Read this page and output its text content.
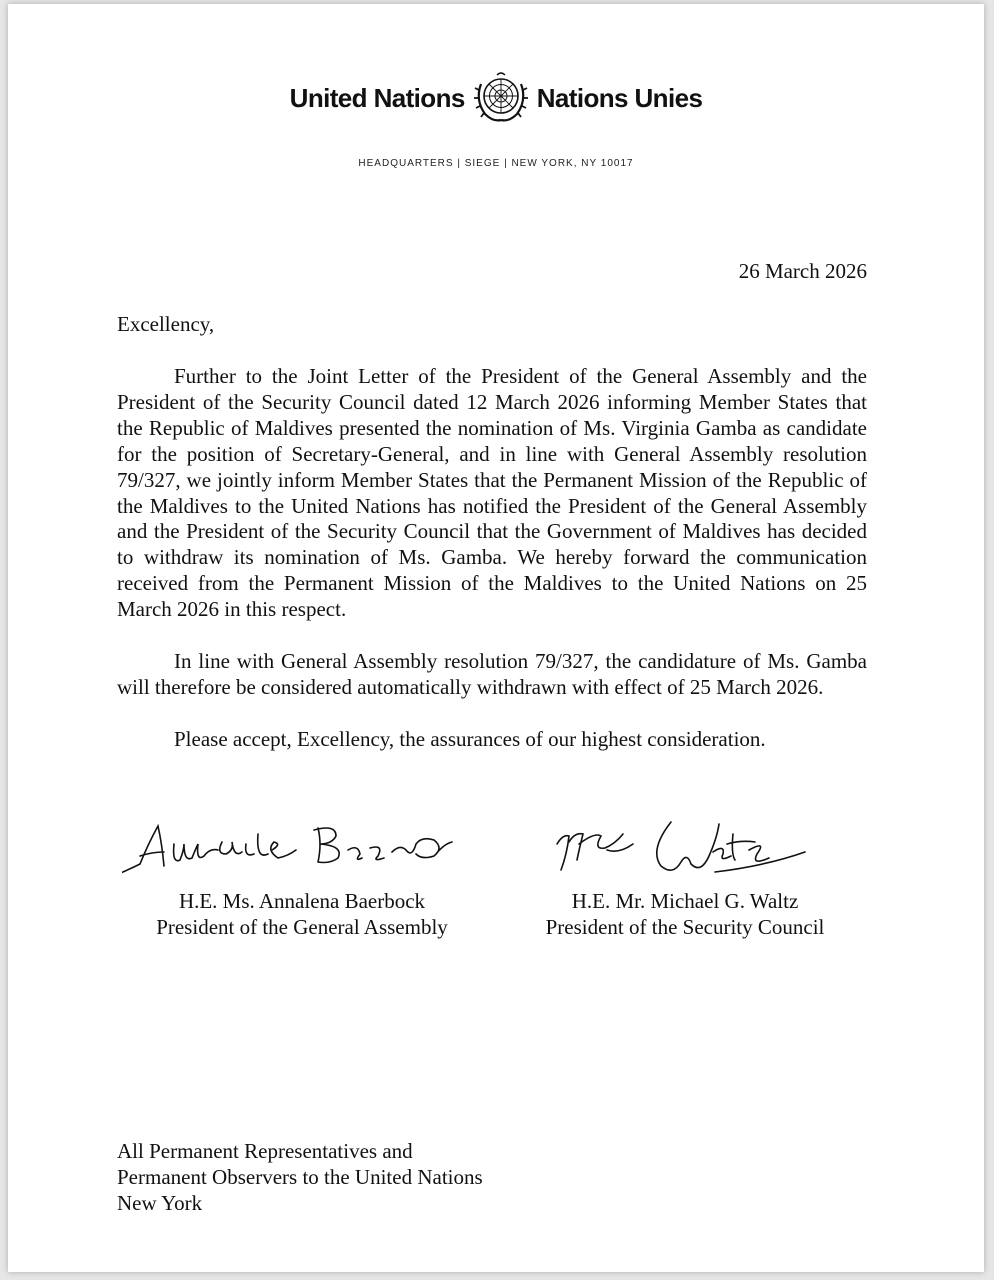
United Nations	Nations Unies
HEADQUARTERS | SIEGE | NEW YORK, NY 10017
26 March 2026
Excellency,

Further to the Joint Letter of the President of the General Assembly and the President of the Security Council dated 12 March 2026 informing Member States that the Republic of Maldives presented the nomination of Ms. Virginia Gamba as candidate for the position of Secretary-General, and in line with General Assembly resolution 79/327, we jointly inform Member States that the Permanent Mission of the Republic of the Maldives to the United Nations has notified the President of the General Assembly and the President of the Security Council that the Government of Maldives has decided to withdraw its nomination of Ms. Gamba. We hereby forward the communication received from the Permanent Mission of the Maldives to the United Nations on 25 March 2026 in this respect.

In line with General Assembly resolution 79/327, the candidature of Ms. Gamba will therefore be considered automatically withdrawn with effect of 25 March 2026.

Please accept, Excellency, the assurances of our highest consideration.

H.E. Ms. Annalena Baerbock
President of the General Assembly
H.E. Mr. Michael G. Waltz
President of the Security Council
All Permanent Representatives and
Permanent Observers to the United Nations
New York
